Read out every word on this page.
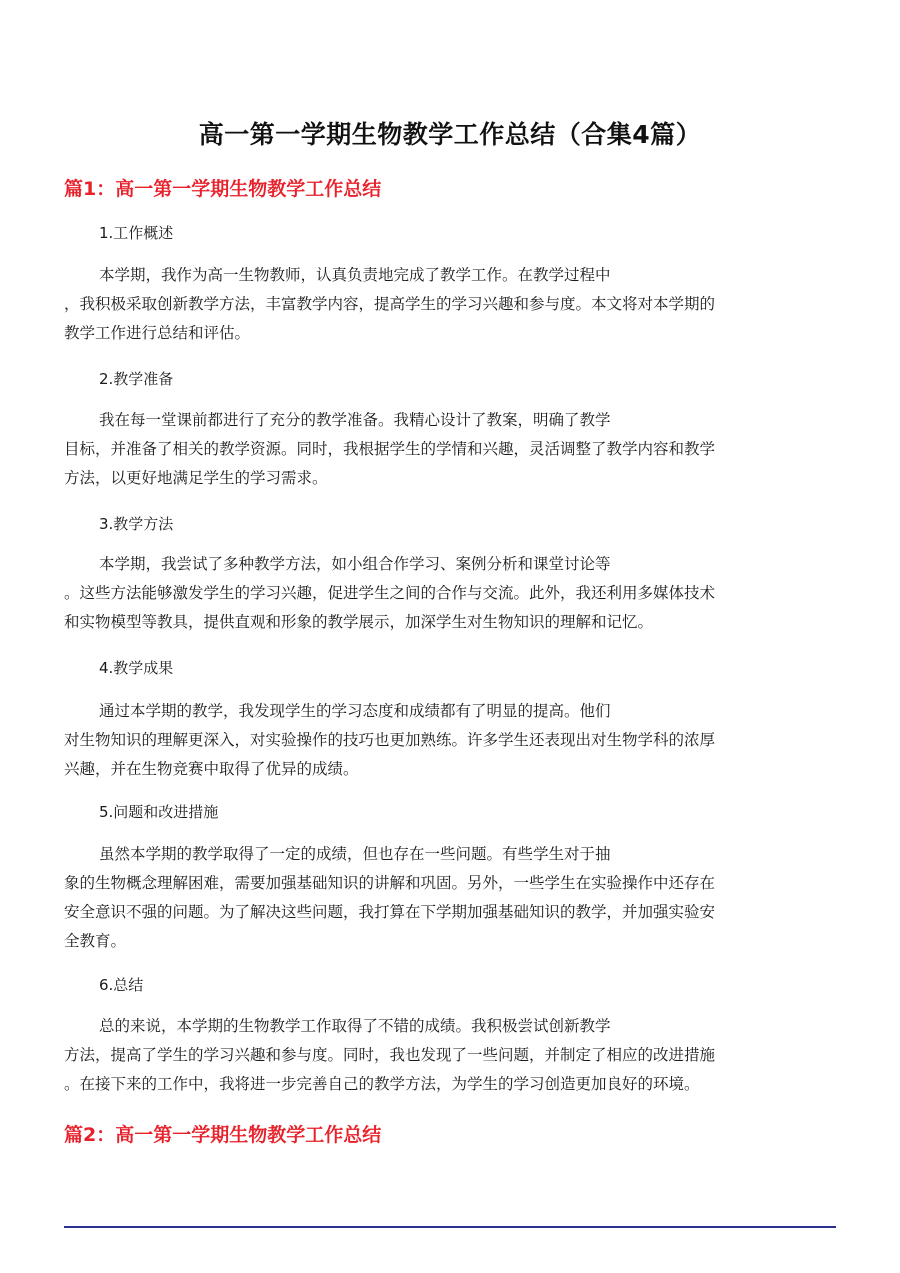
高一第一学期生物教学工作总结（合集4篇）
篇1：高一第一学期生物教学工作总结
1.工作概述
本学期，我作为高一生物教师，认真负责地完成了教学工作。在教学过程中
，我积极采取创新教学方法，丰富教学内容，提高学生的学习兴趣和参与度。本文将对本学期的
教学工作进行总结和评估。
2.教学准备
我在每一堂课前都进行了充分的教学准备。我精心设计了教案，明确了教学
目标，并准备了相关的教学资源。同时，我根据学生的学情和兴趣，灵活调整了教学内容和教学
方法，以更好地满足学生的学习需求。
3.教学方法
本学期，我尝试了多种教学方法，如小组合作学习、案例分析和课堂讨论等
。这些方法能够激发学生的学习兴趣，促进学生之间的合作与交流。此外，我还利用多媒体技术
和实物模型等教具，提供直观和形象的教学展示，加深学生对生物知识的理解和记忆。
4.教学成果
通过本学期的教学，我发现学生的学习态度和成绩都有了明显的提高。他们
对生物知识的理解更深入，对实验操作的技巧也更加熟练。许多学生还表现出对生物学科的浓厚
兴趣，并在生物竞赛中取得了优异的成绩。
5.问题和改进措施
虽然本学期的教学取得了一定的成绩，但也存在一些问题。有些学生对于抽
象的生物概念理解困难，需要加强基础知识的讲解和巩固。另外，一些学生在实验操作中还存在
安全意识不强的问题。为了解决这些问题，我打算在下学期加强基础知识的教学，并加强实验安
全教育。
6.总结
总的来说，本学期的生物教学工作取得了不错的成绩。我积极尝试创新教学
方法，提高了学生的学习兴趣和参与度。同时，我也发现了一些问题，并制定了相应的改进措施
。在接下来的工作中，我将进一步完善自己的教学方法，为学生的学习创造更加良好的环境。
篇2：高一第一学期生物教学工作总结
